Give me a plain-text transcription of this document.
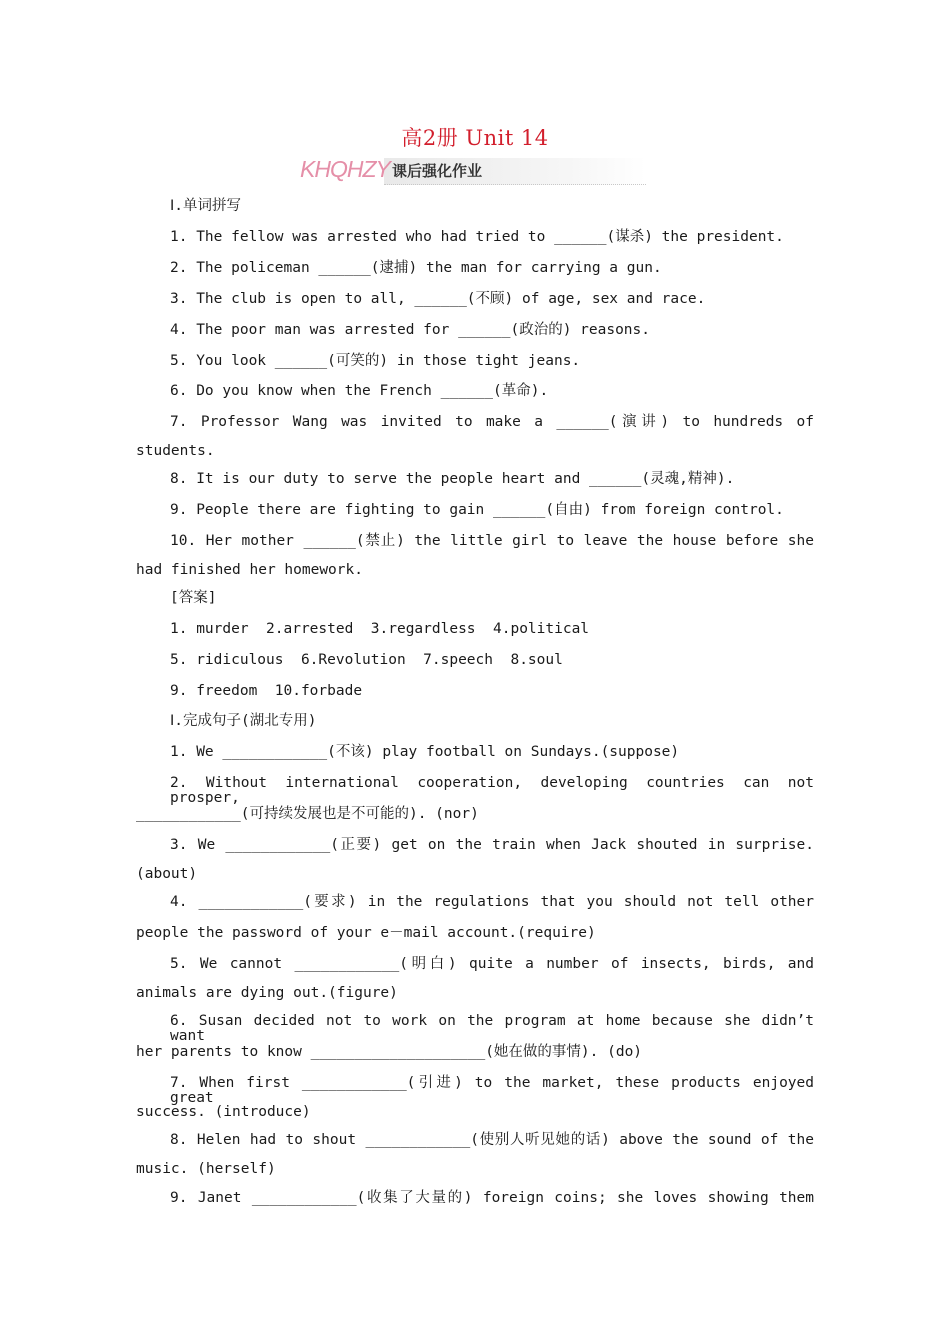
高2册 Unit 14
KHQHZY 课后强化作业
Ⅰ.单词拼写
1. The fellow was arrested who had tried to ______(谋杀) the president.
2. The policeman ______(逮捕) the man for carrying a gun.
3. The club is open to all, ______(不顾) of age, sex and race.
4. The poor man was arrested for ______(政治的) reasons.
5. You look ______(可笑的) in those tight jeans.
6. Do you know when the French ______(革命).
7. Professor Wang was invited to make a ______(演讲) to hundreds of
students.
8. It is our duty to serve the people heart and ______(灵魂,精神).
9. People there are fighting to gain ______(自由) from foreign control.
10. Her mother ______(禁止) the little girl to leave the house before she
had finished her homework.
[答案]
1. murder  2.arrested  3.regardless  4.political
5. ridiculous  6.Revolution  7.speech  8.soul
9. freedom  10.forbade
Ⅰ.完成句子(湖北专用)
1. We ____________(不该) play football on Sundays.(suppose)
2. Without international cooperation, developing countries can not prosper,
____________(可持续发展也是不可能的). (nor)
3. We ____________(正要) get on the train when Jack shouted in surprise.
(about)
4. ____________(要求) in the regulations that you should not tell other
people the password of your e－mail account.(require)
5. We cannot ____________(明白) quite a number of insects, birds, and
animals are dying out.(figure)
6. Susan decided not to work on the program at home because she didn’t want
her parents to know ____________________(她在做的事情). (do)
7. When first ____________(引进) to the market, these products enjoyed great
success. (introduce)
8. Helen had to shout ____________(使别人听见她的话) above the sound of the
music. (herself)
9. Janet ____________(收集了大量的) foreign coins; she loves showing them
